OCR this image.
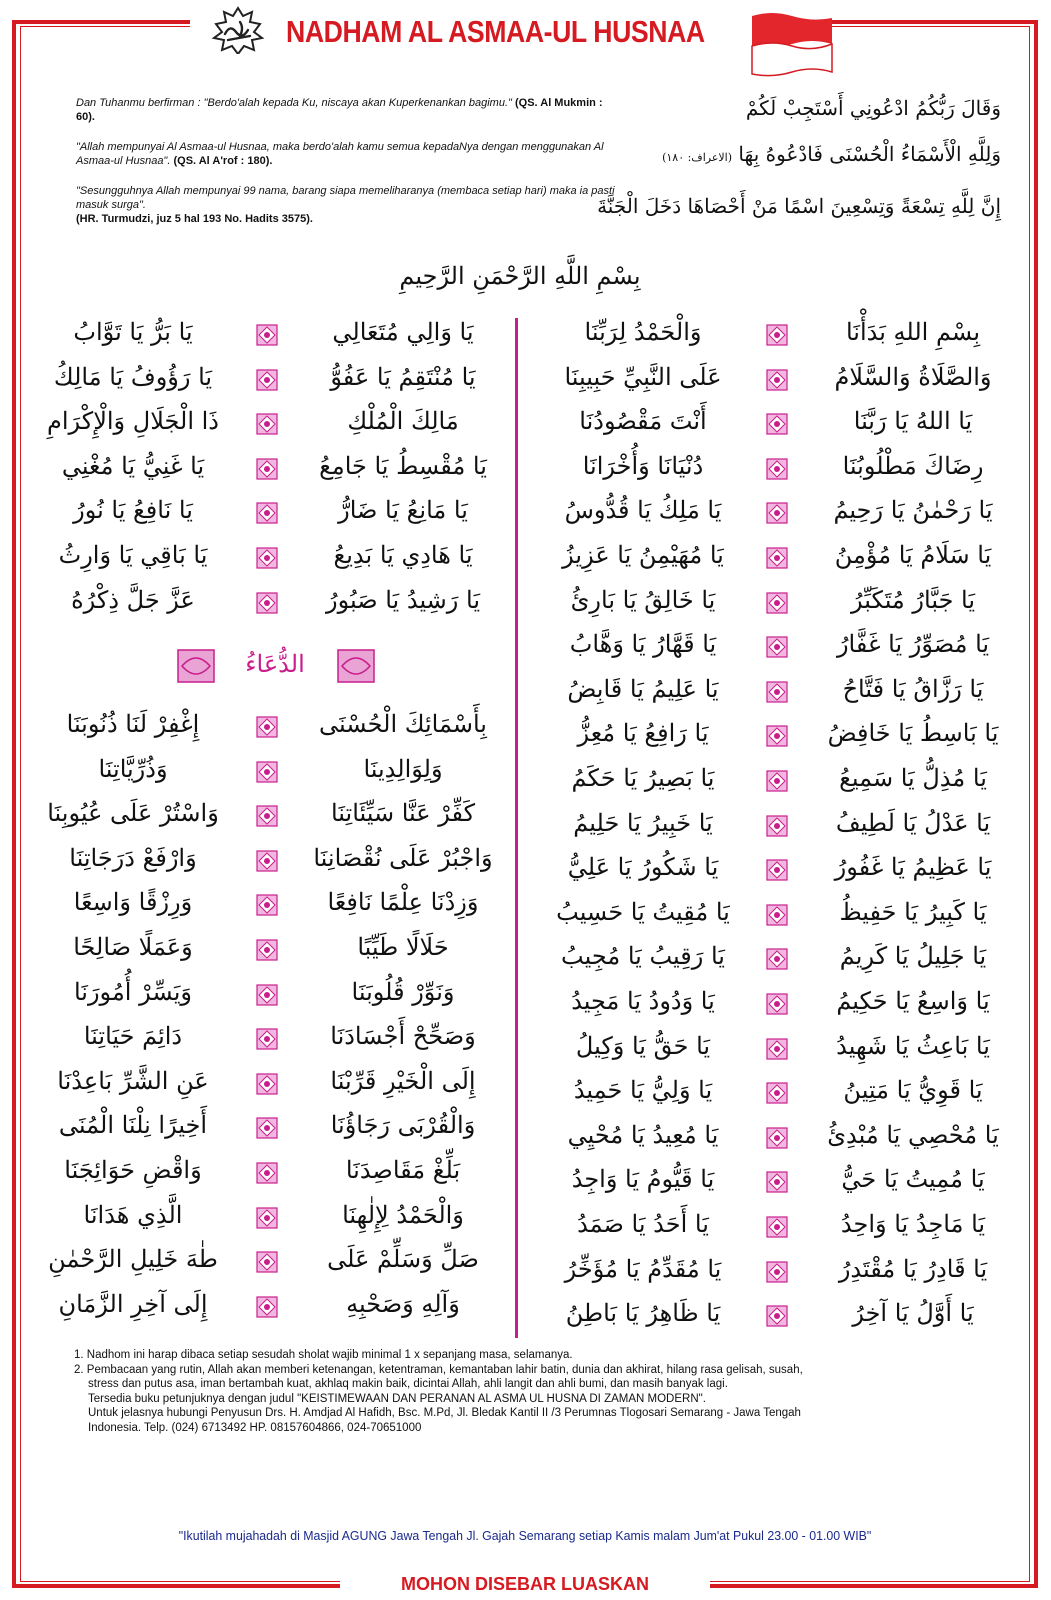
NADHAM AL ASMAA-UL HUSNAA
Dan Tuhanmu berfirman : "Berdo'alah kepada Ku, niscaya akan Kuperkenankan bagimu." (QS. Al Mukmin : 60).	وَقَالَ رَبُّكُمُ ادْعُونِي أَسْتَجِبْ لَكُمْ
"Allah mempunyai Al Asmaa-ul Husnaa, maka berdo'alah kamu semua kepadaNya dengan menggunakan Al Asmaa-ul Husnaa". (QS. Al A'rof : 180).	وَلِلَّهِ الْأَسْمَاءُ الْحُسْنَى فَادْعُوهُ بِهَا (الاعراف: ١٨٠)
"Sesungguhnya Allah mempunyai 99 nama, barang siapa memeliharanya (membaca setiap hari) maka ia pasti masuk surga".
(HR. Turmudzi, juz 5 hal 193 No. Hadits 3575).
إِنَّ لِلَّهِ تِسْعَةً وَتِسْعِينَ اسْمًا مَنْ أَحْصَاهَا دَخَلَ الْجَنَّةَ
بِسْمِ اللَّهِ الرَّحْمَنِ الرَّحِيمِ
بِسْمِ اللهِ بَدَأْنَا
وَالْحَمْدُ لِرَبِّنَا
وَالصَّلَاةُ وَالسَّلَامُ
عَلَى النَّبِيِّ حَبِيبِنَا
يَا اللهُ يَا رَبَّنَا
أَنْتَ مَقْصُودُنَا
رِضَاكَ مَطْلُوبُنَا
دُنْيَانَا وَأُخْرَانَا
يَا رَحْمٰنُ يَا رَحِيمُ
يَا مَلِكُ يَا قُدُّوسُ
يَا سَلَامُ يَا مُؤْمِنُ
يَا مُهَيْمِنُ يَا عَزِيزُ
يَا جَبَّارُ مُتَكَبِّرُ
يَا خَالِقُ يَا بَارِئُ
يَا مُصَوِّرُ يَا غَفَّارُ
يَا قَهَّارُ يَا وَهَّابُ
يَا رَزَّاقُ يَا فَتَّاحُ
يَا عَلِيمُ يَا قَابِضُ
يَا بَاسِطُ يَا خَافِضُ
يَا رَافِعُ يَا مُعِزُّ
يَا مُذِلُّ يَا سَمِيعُ
يَا بَصِيرُ يَا حَكَمُ
يَا عَدْلُ يَا لَطِيفُ
يَا خَبِيرُ يَا حَلِيمُ
يَا عَظِيمُ يَا غَفُورُ
يَا شَكُورُ يَا عَلِيُّ
يَا كَبِيرُ يَا حَفِيظُ
يَا مُقِيتُ يَا حَسِيبُ
يَا جَلِيلُ يَا كَرِيمُ
يَا رَقِيبُ يَا مُجِيبُ
يَا وَاسِعُ يَا حَكِيمُ
يَا وَدُودُ يَا مَجِيدُ
يَا بَاعِثُ يَا شَهِيدُ
يَا حَقُّ يَا وَكِيلُ
يَا قَوِيُّ يَا مَتِينُ
يَا وَلِيُّ يَا حَمِيدُ
يَا مُحْصِي يَا مُبْدِئُ
يَا مُعِيدُ يَا مُحْيِي
يَا مُمِيتُ يَا حَيُّ
يَا قَيُّومُ يَا وَاجِدُ
يَا مَاجِدُ يَا وَاحِدُ
يَا أَحَدُ يَا صَمَدُ
يَا قَادِرُ يَا مُقْتَدِرُ
يَا مُقَدِّمُ يَا مُؤَخِّرُ
يَا أَوَّلُ يَا آخِرُ
يَا ظَاهِرُ يَا بَاطِنُ
يَا وَالِي مُتَعَالِي
يَا بَرُّ يَا تَوَّابُ
يَا مُنْتَقِمُ يَا عَفُوُّ
يَا رَؤُوفُ يَا مَالِكُ
مَالِكَ الْمُلْكِ
ذَا الْجَلَالِ وَالْإِكْرَامِ
يَا مُقْسِطُ يَا جَامِعُ
يَا غَنِيُّ يَا مُغْنِي
يَا مَانِعُ يَا ضَارُّ
يَا نَافِعُ يَا نُورُ
يَا هَادِي يَا بَدِيعُ
يَا بَاقِي يَا وَارِثُ
يَا رَشِيدُ يَا صَبُورُ
عَزَّ جَلَّ ذِكْرُهُ
الدُّعَاءُ
بِأَسْمَائِكَ الْحُسْنَى
إِغْفِرْ لَنَا ذُنُوبَنَا
وَلِوَالِدِينَا
وَذُرِّيَّاتِنَا
كَفِّرْ عَنَّا سَيِّئَاتِنَا
وَاسْتُرْ عَلَى عُيُوبِنَا
وَاجْبُرْ عَلَى نُقْصَانِنَا
وَارْفَعْ دَرَجَاتِنَا
وَزِدْنَا عِلْمًا نَافِعًا
وَرِزْقًا وَاسِعًا
حَلَالًا طَيِّبًا
وَعَمَلًا صَالِحًا
وَنَوِّرْ قُلُوبَنَا
وَيَسِّرْ أُمُورَنَا
وَصَحِّحْ أَجْسَادَنَا
دَائِمَ حَيَاتِنَا
إِلَى الْخَيْرِ قَرِّبْنَا
عَنِ الشَّرِّ بَاعِدْنَا
وَالْقُرْبَى رَجَاؤُنَا
أَخِيرًا نِلْنَا الْمُنَى
بَلِّغْ مَقَاصِدَنَا
وَاقْضِ حَوَائِجَنَا
وَالْحَمْدُ لِإِلٰهِنَا
الَّذِي هَدَانَا
صَلِّ وَسَلِّمْ عَلَى
طٰهَ خَلِيلِ الرَّحْمٰنِ
وَآلِهِ وَصَحْبِهِ
إِلَى آخِرِ الزَّمَانِ
1. Nadhom ini harap dibaca setiap sesudah sholat wajib minimal 1 x sepanjang masa, selamanya.
2. Pembacaan yang rutin, Allah akan memberi ketenangan, ketentraman, kemantaban lahir batin, dunia dan akhirat, hilang rasa gelisah, susah,
stress dan putus asa, iman bertambah kuat, akhlaq makin baik, dicintai Allah, ahli langit dan ahli bumi, dan masih banyak lagi.
Tersedia buku petunjuknya dengan judul "KEISTIMEWAAN DAN PERANAN AL ASMA UL HUSNA DI ZAMAN MODERN".
Untuk jelasnya hubungi Penyusun Drs. H. Amdjad Al Hafidh, Bsc. M.Pd, Jl. Bledak Kantil II /3 Perumnas Tlogosari Semarang - Jawa Tengah
Indonesia. Telp. (024) 6713492 HP. 08157604866, 024-70651000
"Ikutilah mujahadah di Masjid AGUNG Jawa Tengah Jl. Gajah Semarang setiap Kamis malam Jum'at Pukul 23.00 - 01.00 WIB"
MOHON DISEBAR LUASKAN
